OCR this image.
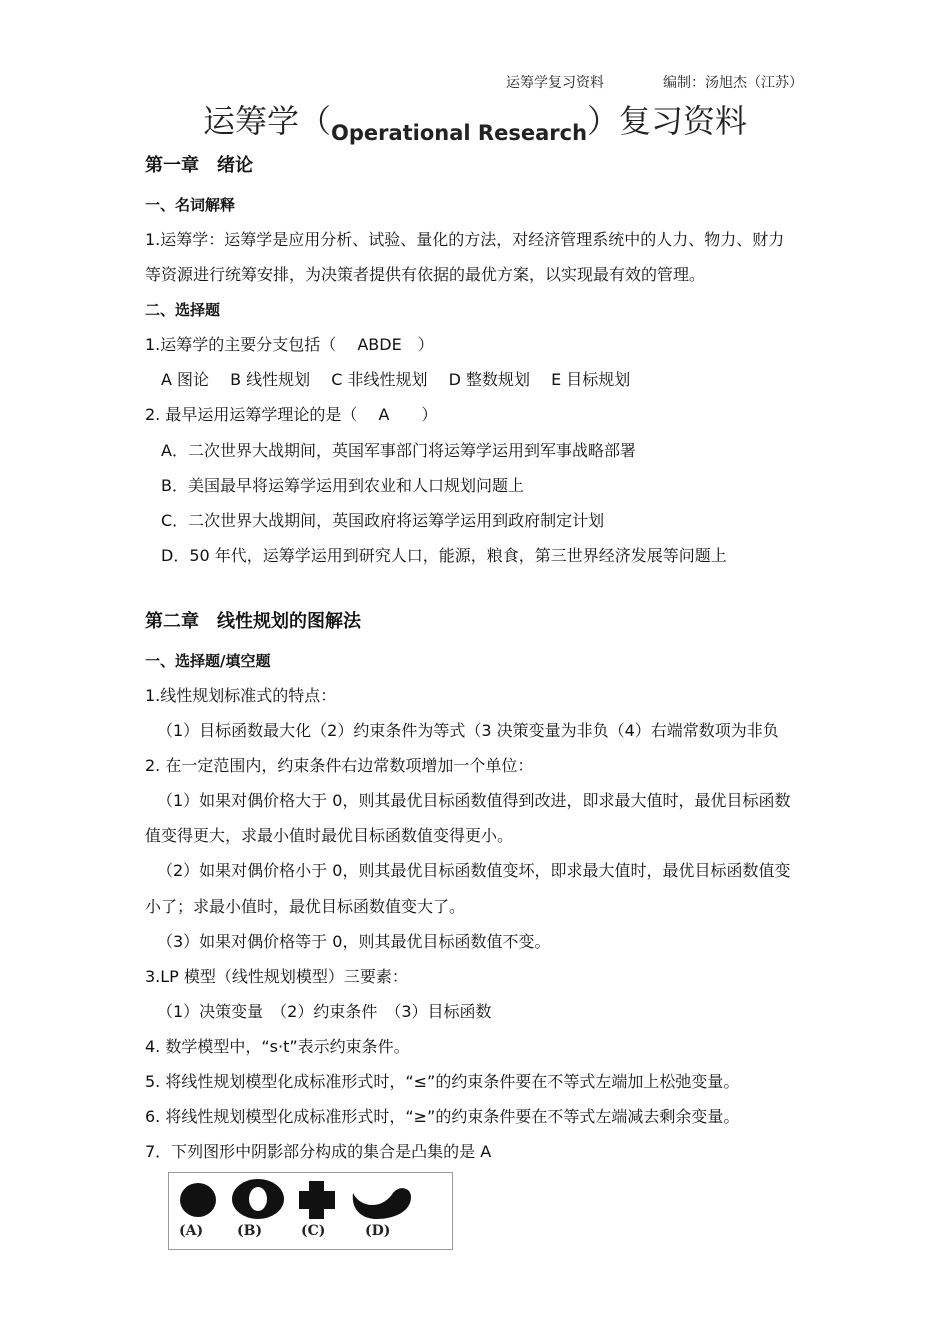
运筹学复习资料	编制：汤旭杰（江苏）
运筹学$(_{Operational Research})$复习资料
第一章　绪论
一、名词解释
1.运筹学：运筹学是应用分析、试验、量化的方法，对经济管理系统中的人力、物力、财力
等资源进行统筹安排，为决策者提供有依据的最优方案，以实现最有效的管理。
二、选择题
1.运筹学的主要分支包括（　 ABDE　）
A 图论　 B 线性规划　 C 非线性规划　 D 整数规划　 E 目标规划
2. 最早运用运筹学理论的是（　 A　　）
A．二次世界大战期间，英国军事部门将运筹学运用到军事战略部署
B．美国最早将运筹学运用到农业和人口规划问题上
C．二次世界大战期间，英国政府将运筹学运用到政府制定计划
D．50 年代，运筹学运用到研究人口，能源，粮食，第三世界经济发展等问题上
第二章　线性规划的图解法
一、选择题/填空题
1.线性规划标准式的特点：
（1）目标函数最大化（2）约束条件为等式（3 决策变量为非负（4）右端常数项为非负
2. 在一定范围内，约束条件右边常数项增加一个单位：
（1）如果对偶价格大于 0，则其最优目标函数值得到改进，即求最大值时，最优目标函数
值变得更大，求最小值时最优目标函数值变得更小。
（2）如果对偶价格小于 0，则其最优目标函数值变坏，即求最大值时，最优目标函数值变
小了；求最小值时，最优目标函数值变大了。
（3）如果对偶价格等于 0，则其最优目标函数值不变。
3.LP 模型（线性规划模型）三要素：
（1）决策变量　（2）约束条件　（3）目标函数
4. 数学模型中，“s·t”表示约束条件。
5. 将线性规划模型化成标准形式时，“≤”的约束条件要在不等式左端加上松弛变量。
6. 将线性规划模型化成标准形式时，“≥”的约束条件要在不等式左端减去剩余变量。
7．下列图形中阴影部分构成的集合是凸集的是 A
(A) (B)	(C)	(D)
